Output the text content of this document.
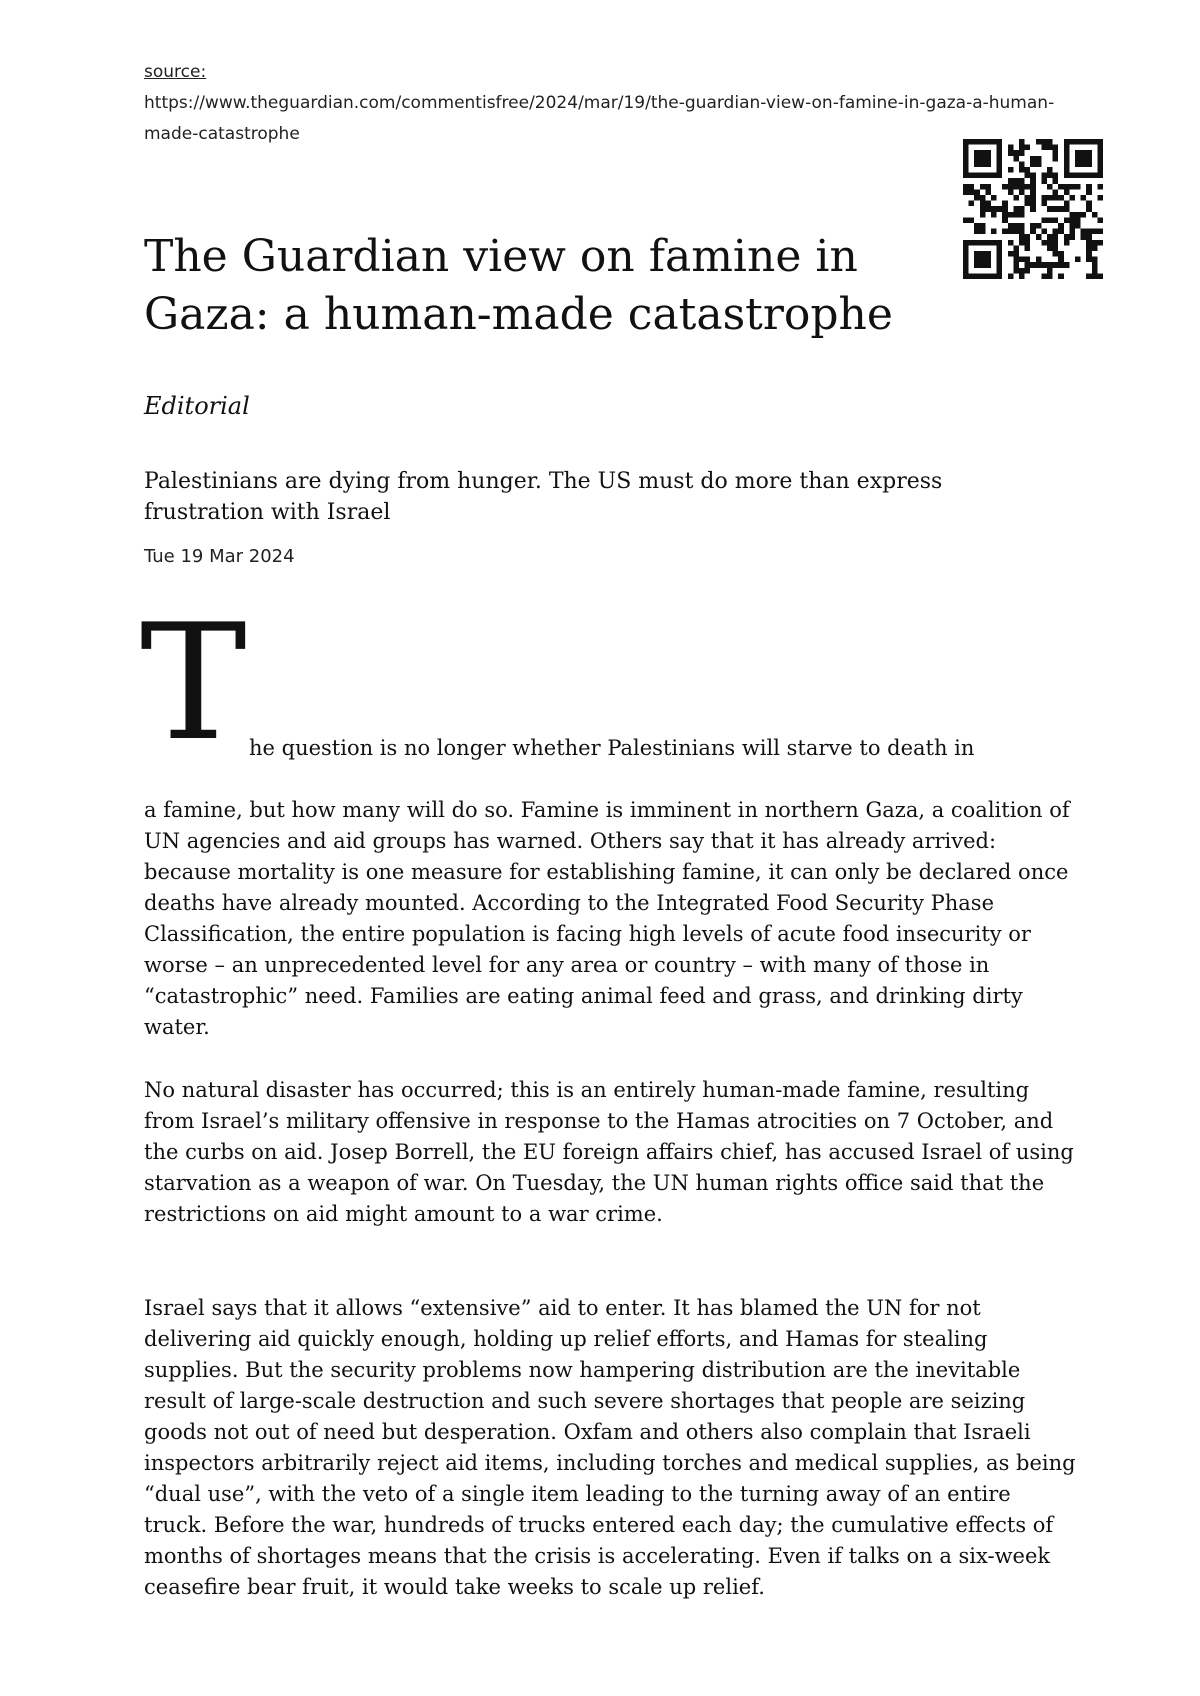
source:
https://www.theguardian.com/commentisfree/2024/mar/19/the-guardian-view-on-famine-in-gaza-a-human-made-catastrophe
The Guardian view on famine in Gaza: a human-made catastrophe
Editorial

Palestinians are dying from hunger. The US must do more than express frustration with Israel

Tue 19 Mar 2024
T he question is no longer whether Palestinians will starve to death in

a famine, but how many will do so. Famine is imminent in northern Gaza, a coalition of UN agencies and aid groups has warned. Others say that it has already arrived: because mortality is one measure for establishing famine, it can only be declared once deaths have already mounted. According to the Integrated Food Security Phase Classification, the entire population is facing high levels of acute food insecurity or worse – an unprecedented level for any area or country – with many of those in “catastrophic” need. Families are eating animal feed and grass, and drinking dirty water.

No natural disaster has occurred; this is an entirely human-made famine, resulting from Israel’s military offensive in response to the Hamas atrocities on 7 October, and the curbs on aid. Josep Borrell, the EU foreign affairs chief, has accused Israel of using starvation as a weapon of war. On Tuesday, the UN human rights office said that the restrictions on aid might amount to a war crime.

Israel says that it allows “extensive” aid to enter. It has blamed the UN for not delivering aid quickly enough, holding up relief efforts, and Hamas for stealing supplies. But the security problems now hampering distribution are the inevitable result of large-scale destruction and such severe shortages that people are seizing goods not out of need but desperation. Oxfam and others also complain that Israeli inspectors arbitrarily reject aid items, including torches and medical supplies, as being “dual use”, with the veto of a single item leading to the turning away of an entire truck. Before the war, hundreds of trucks entered each day; the cumulative effects of months of shortages means that the crisis is accelerating. Even if talks on a six-week ceasefire bear fruit, it would take weeks to scale up relief.
